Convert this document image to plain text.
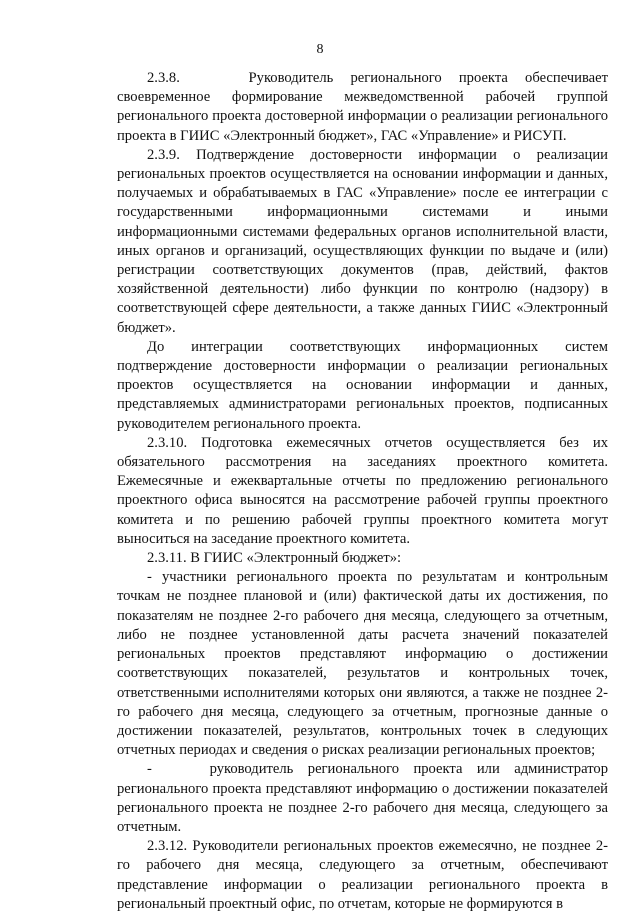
8

2.3.8.    Руководитель регионального проекта обеспечивает своевременное формирование межведомственной рабочей группой регионального проекта достоверной информации о реализации регионального проекта в ГИИС «Электронный бюджет», ГАС «Управление» и РИСУП.

2.3.9. Подтверждение достоверности информации о реализации региональных проектов осуществляется на основании информации и данных, получаемых и обрабатываемых в ГАС «Управление» после ее интеграции с государственными информационными системами и иными информационными системами федеральных органов исполнительной власти, иных органов и организаций, осуществляющих функции по выдаче и (или) регистрации соответствующих документов (прав, действий, фактов хозяйственной деятельности) либо функции по контролю (надзору) в соответствующей сфере деятельности, а также данных ГИИС «Электронный бюджет».

До интеграции соответствующих информационных систем подтверждение достоверности информации о реализации региональных проектов осуществляется на основании информации и данных, представляемых администраторами региональных проектов, подписанных руководителем регионального проекта.

2.3.10. Подготовка ежемесячных отчетов осуществляется без их обязательного рассмотрения на заседаниях проектного комитета. Ежемесячные и ежеквартальные отчеты по предложению регионального проектного офиса выносятся на рассмотрение рабочей группы проектного комитета и по решению рабочей группы проектного комитета могут выноситься на заседание проектного комитета.

2.3.11. В ГИИС «Электронный бюджет»:

- участники регионального проекта по результатам и контрольным точкам не позднее плановой и (или) фактической даты их достижения, по показателям не позднее 2-го рабочего дня месяца, следующего за отчетным, либо не позднее установленной даты расчета значений показателей региональных проектов представляют информацию о достижении соответствующих показателей, результатов и контрольных точек, ответственными исполнителями которых они являются, а также не позднее 2-го рабочего дня месяца, следующего за отчетным, прогнозные данные о достижении показателей, результатов, контрольных точек в следующих отчетных периодах и сведения о рисках реализации региональных проектов;

-    руководитель регионального проекта или администратор регионального проекта представляют информацию о достижении показателей регионального проекта не позднее 2-го рабочего дня месяца, следующего за отчетным.

2.3.12. Руководители региональных проектов ежемесячно, не позднее 2-го рабочего дня месяца, следующего за отчетным, обеспечивают представление информации о реализации регионального проекта в региональный проектный офис, по отчетам, которые не формируются в
